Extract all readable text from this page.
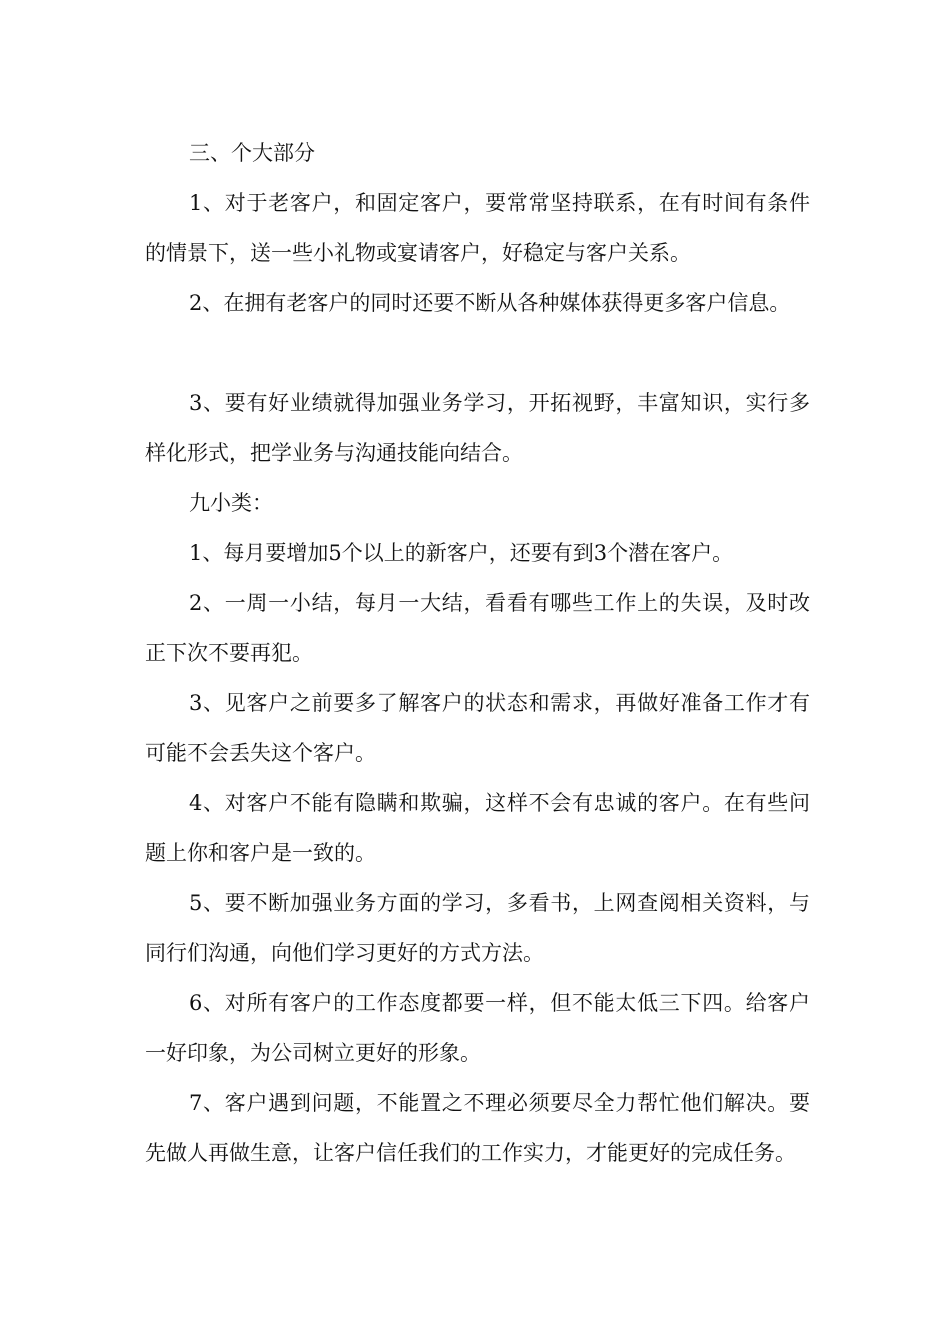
三、个大部分

1、对于老客户，和固定客户，要常常坚持联系，在有时间有条件的情景下，送一些小礼物或宴请客户，好稳定与客户关系。

2、在拥有老客户的同时还要不断从各种媒体获得更多客户信息。

3、要有好业绩就得加强业务学习，开拓视野，丰富知识，实行多样化形式，把学业务与沟通技能向结合。

九小类：

1、每月要增加5个以上的新客户，还要有到3个潜在客户。

2、一周一小结，每月一大结，看看有哪些工作上的失误，及时改正下次不要再犯。

3、见客户之前要多了解客户的状态和需求，再做好准备工作才有可能不会丢失这个客户。

4、对客户不能有隐瞒和欺骗，这样不会有忠诚的客户。在有些问题上你和客户是一致的。

5、要不断加强业务方面的学习，多看书，上网查阅相关资料，与同行们沟通，向他们学习更好的方式方法。

6、对所有客户的工作态度都要一样，但不能太低三下四。给客户一好印象，为公司树立更好的形象。

7、客户遇到问题，不能置之不理必须要尽全力帮忙他们解决。要先做人再做生意，让客户信任我们的工作实力，才能更好的完成任务。
